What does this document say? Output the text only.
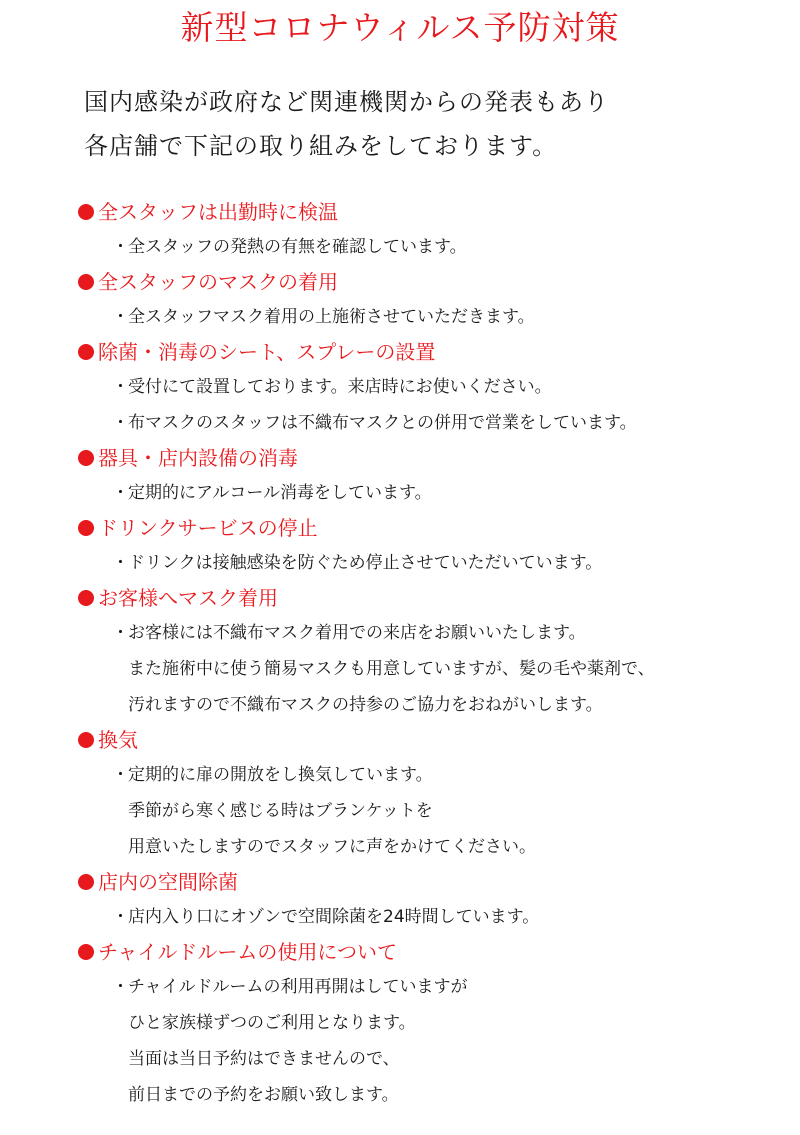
新型コロナウィルス予防対策
国内感染が政府など関連機関からの発表もあり
各店舗で下記の取り組みをしております。
全スタッフは出勤時に検温
・ 全スタッフの発熱の有無を確認しています。
全スタッフのマスクの着用
・ 全スタッフマスク着用の上施術させていただきます。
除菌・消毒のシート、スプレーの設置
・ 受付にて設置しております。来店時にお使いください。
・ 布マスクのスタッフは不織布マスクとの併用で営業をしています。
器具・店内設備の消毒
・ 定期的にアルコール消毒をしています。
ドリンクサービスの停止
・ ドリンクは接触感染を防ぐため停止させていただいています。
お客様へマスク着用
・ お客様には不織布マスク着用での来店をお願いいたします。
また施術中に使う簡易マスクも用意していますが、髪の毛や薬剤で、
汚れますので不織布マスクの持参のご協力をおねがいします。
換気
・ 定期的に扉の開放をし換気しています。
季節がら寒く感じる時はブランケットを
用意いたしますのでスタッフに声をかけてください。
店内の空間除菌
・ 店内入り口にオゾンで空間除菌を24時間しています。
チャイルドルームの使用について
・ チャイルドルームの利用再開はしていますが
ひと家族様ずつのご利用となります。
当面は当日予約はできませんので、
前日までの予約をお願い致します。
